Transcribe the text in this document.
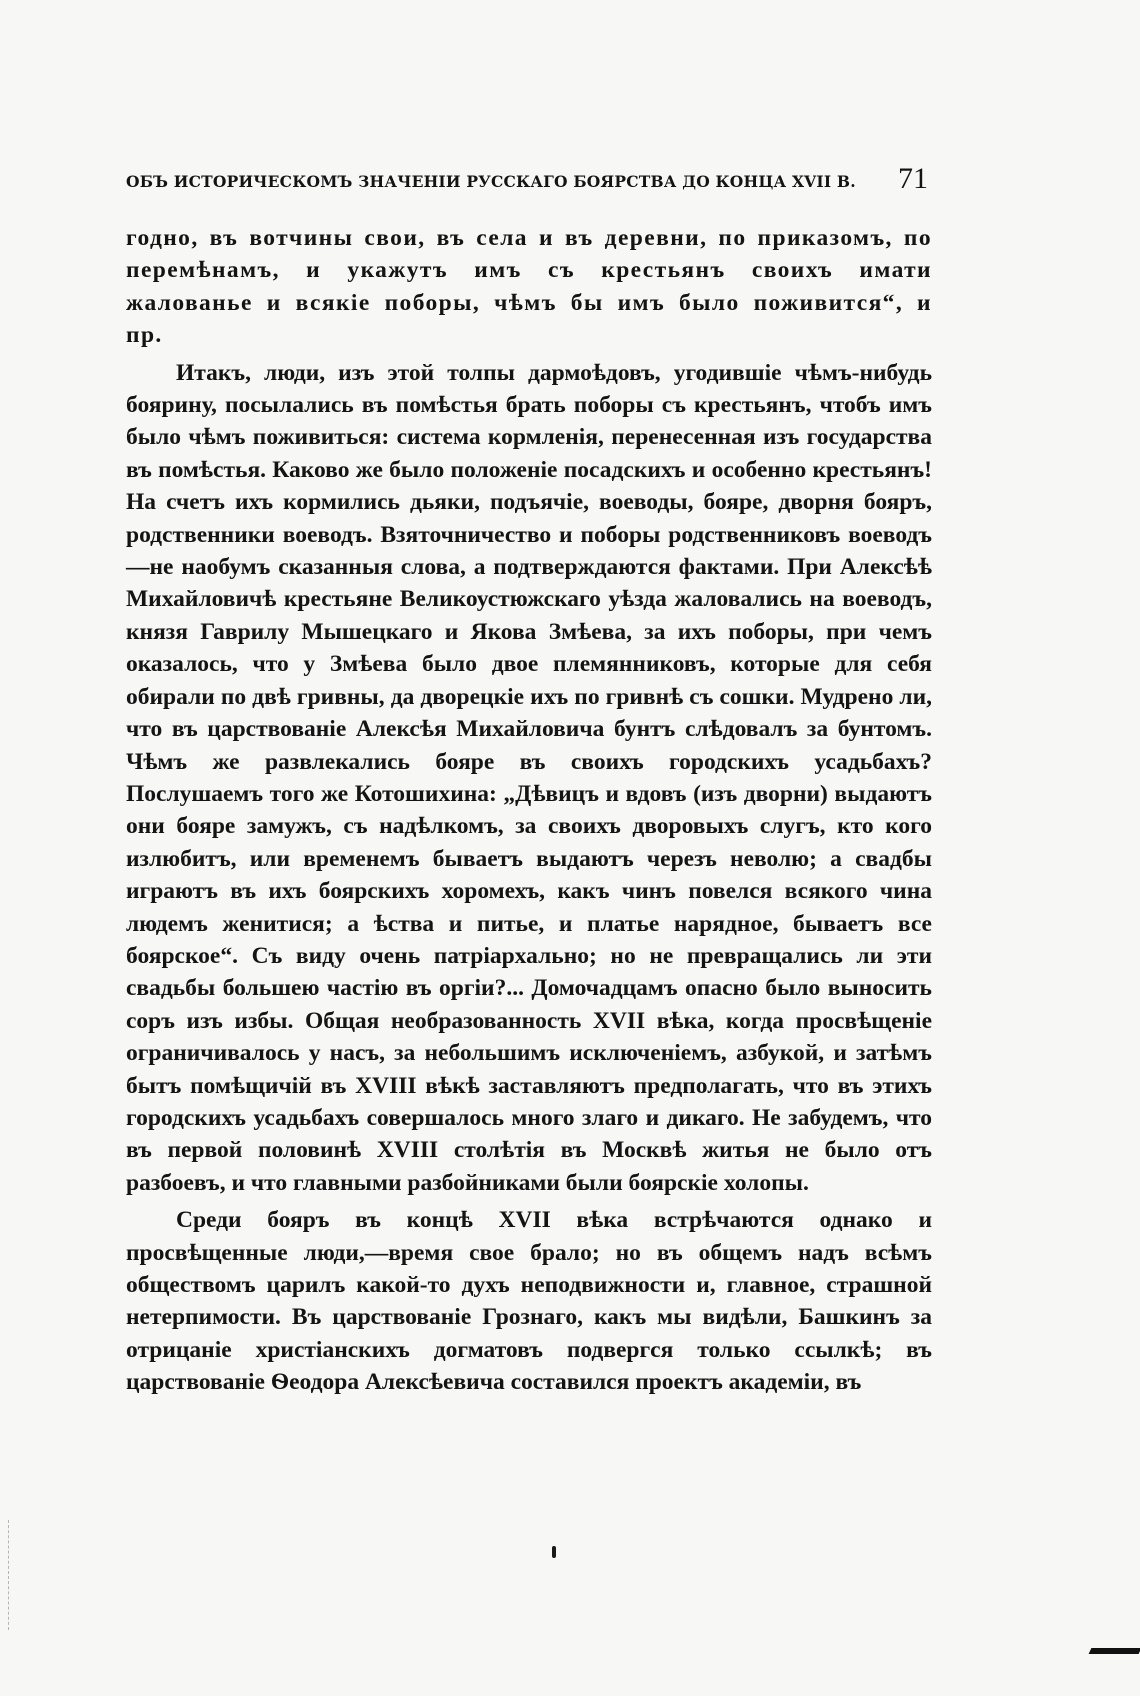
ОБЪ ИСТОРИЧЕСКОМЪ ЗНАЧЕНІИ РУССКАГО БОЯРСТВА ДО КОНЦА XVII В. 71

годно, въ вотчины свои, въ села и въ деревни, по приказомъ, по перемѣнамъ, и укажутъ имъ съ крестьянъ своихъ имати жалованье и всякіе поборы, чѣмъ бы имъ было поживится“, и пр.

Итакъ, люди, изъ этой толпы дармоѣдовъ, угодившіе чѣмъ-нибудь боярину, посылались въ помѣстья брать поборы съ крестьянъ, чтобъ имъ было чѣмъ поживиться: система кормленія, перенесенная изъ государства въ помѣстья. Каково же было положеніе посадскихъ и особенно крестьянъ! На счетъ ихъ кормились дьяки, подъячіе, воеводы, бояре, дворня бояръ, родственники воеводъ. Взяточничество и поборы родственниковъ воеводъ—не наобумъ сказанныя слова, а подтверждаются фактами. При Алексѣѣ Михайловичѣ крестьяне Великоустюжскаго уѣзда жаловались на воеводъ, князя Гаврилу Мышецкаго и Якова Змѣева, за ихъ поборы, при чемъ оказалось, что у Змѣева было двое племянниковъ, которые для себя обирали по двѣ гривны, да дворецкіе ихъ по гривнѣ съ сошки. Мудрено ли, что въ царствованіе Алексѣя Михайловича бунтъ слѣдовалъ за бунтомъ. Чѣмъ же развлекались бояре въ своихъ городскихъ усадьбахъ? Послушаемъ того же Котошихина: „Дѣвицъ и вдовъ (изъ дворни) выдаютъ они бояре замужъ, съ надѣлкомъ, за своихъ дворовыхъ слугъ, кто кого излюбитъ, или временемъ бываетъ выдаютъ черезъ неволю; а свадбы играютъ въ ихъ боярскихъ хоромехъ, какъ чинъ повелся всякого чина людемъ женитися; а ѣства и питье, и платье нарядное, бываетъ все боярское“. Съ виду очень патріархально; но не превращались ли эти свадьбы большею частію въ оргіи?... Домочадцамъ опасно было выносить соръ изъ избы. Общая необразованность XVII вѣка, когда просвѣщеніе ограничивалось у насъ, за небольшимъ исключеніемъ, азбукой, и затѣмъ бытъ помѣщичій въ XVIII вѣкѣ заставляютъ предполагать, что въ этихъ городскихъ усадьбахъ совершалось много злаго и дикаго. Не забудемъ, что въ первой половинѣ XVIII столѣтія въ Москвѣ житья не было отъ разбоевъ, и что главными разбойниками были боярскіе холопы.

Среди бояръ въ концѣ XVII вѣка встрѣчаются однако и просвѣщенные люди,—время свое брало; но въ общемъ надъ всѣмъ обществомъ царилъ какой-то духъ неподвижности и, главное, страшной нетерпимости. Въ царствованіе Грознаго, какъ мы видѣли, Башкинъ за отрицаніе христіанскихъ догматовъ подвергся только ссылкѣ; въ царствованіе Ѳеодора Алексѣевича составился проектъ академіи, въ
